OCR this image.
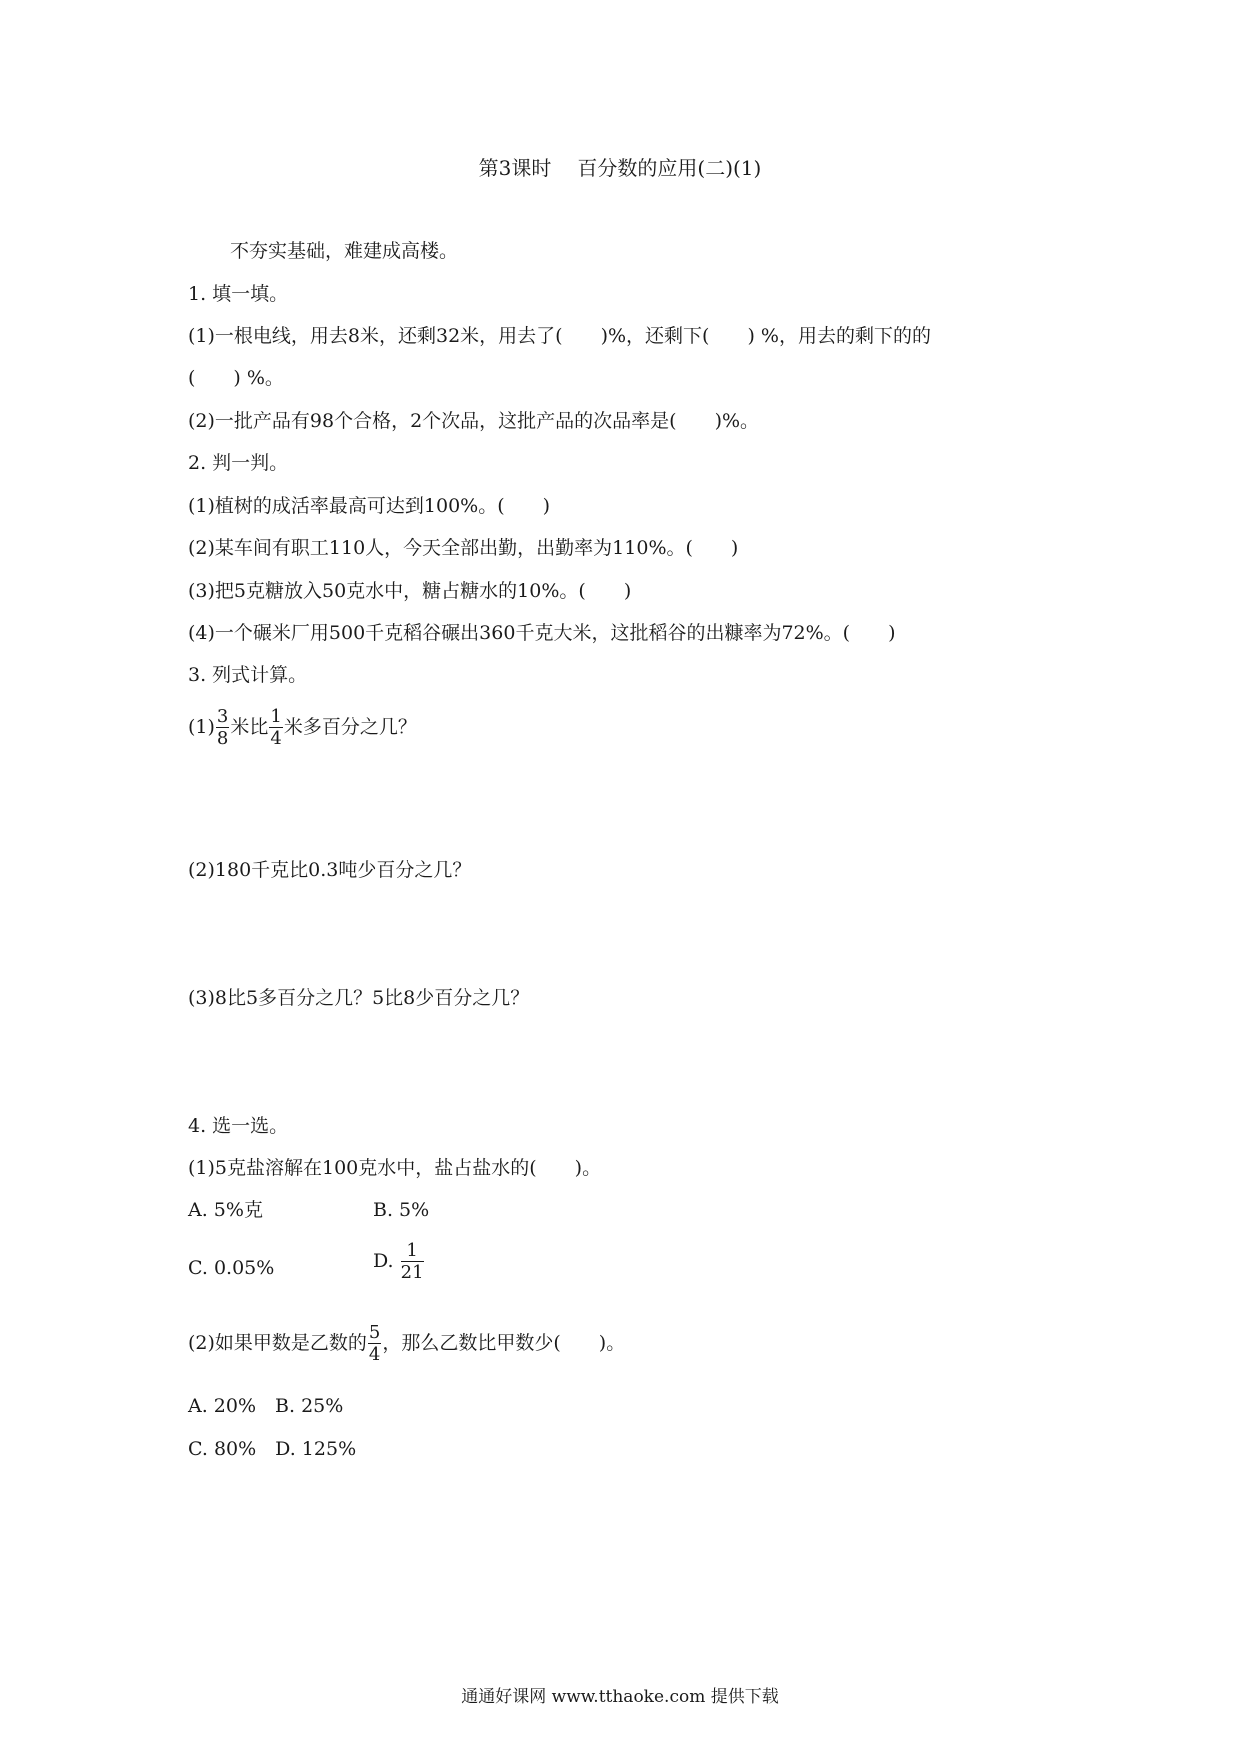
第3课时 百分数的应用(二)(1)
不夯实基础，难建成高楼。
1. 填一填。
(1)一根电线，用去8米，还剩32米，用去了(　　)%，还剩下(　　) %，用去的剩下的的
(　　) %。
(2)一批产品有98个合格，2个次品，这批产品的次品率是(　　)%。
2. 判一判。
(1)植树的成活率最高可达到100%。(　　)
(2)某车间有职工110人，今天全部出勤，出勤率为110%。(　　)
(3)把5克糖放入50克水中，糖占糖水的10%。(　　)
(4)一个碾米厂用500千克稻谷碾出360千克大米，这批稻谷的出糠率为72%。(　　)
3. 列式计算。
$(1) \frac{3}{8}$ 米比 $\frac{1}{4}$ 米多百分之几？
(2)180千克比0.3吨少百分之几？
(3)8比5多百分之几？5比8少百分之几？
4. 选一选。
(1)5克盐溶解在100克水中，盐占盐水的(　　)。
A. 5%克	B. 5%
C. 0.05%	D. $\frac{1}{21}$
(2)如果甲数是乙数的 $\frac{5}{4}$ ，那么乙数比甲数少(　　)。
A. 20%　B. 25%
C. 80%　D. 125%
通通好课网 www.tthaoke.com 提供下载
